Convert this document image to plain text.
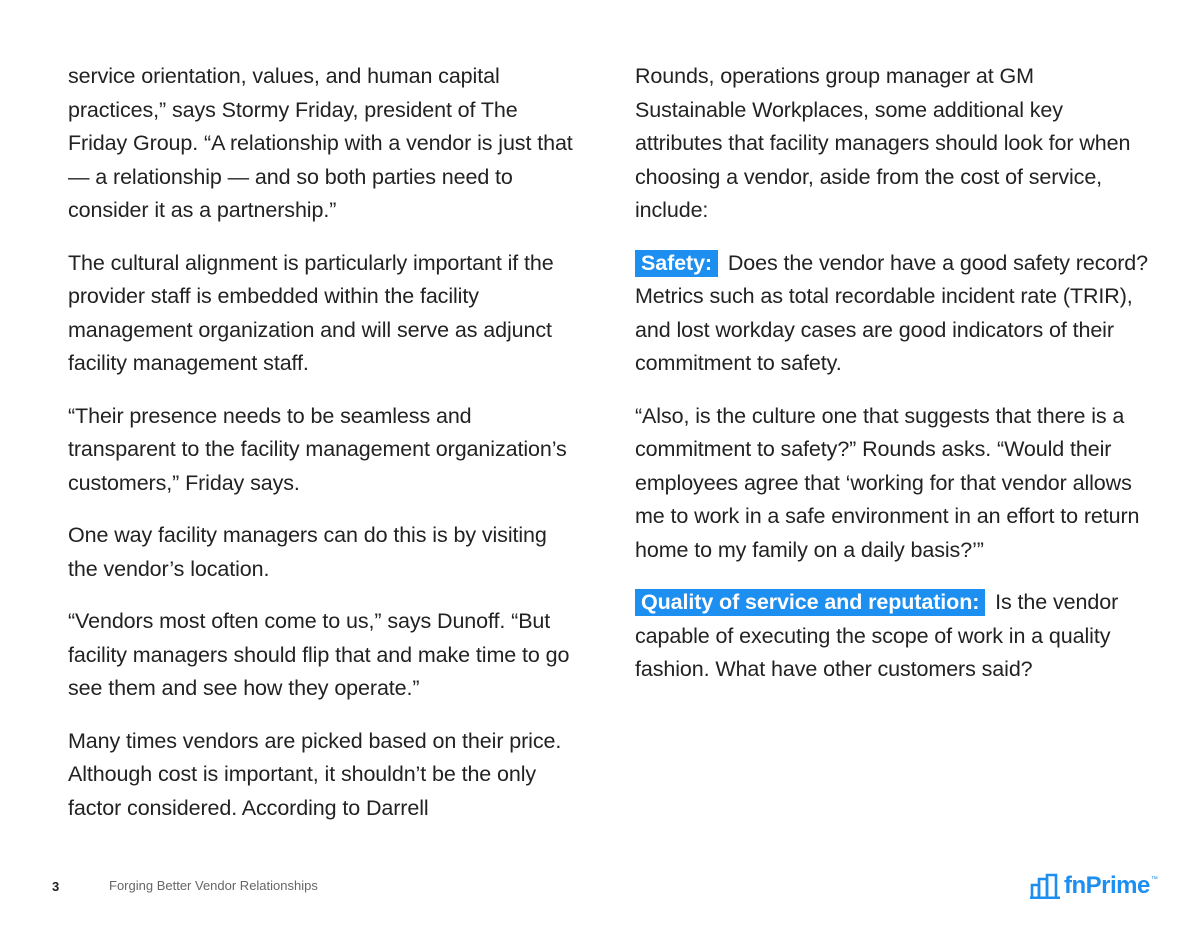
service orientation, values, and human capital practices,” says Stormy Friday, president of The Friday Group. “A relationship with a vendor is just that — a relationship — and so both parties need to consider it as a partnership.”

The cultural alignment is particularly important if the provider staff is embedded within the facility management organization and will serve as adjunct facility management staff.

“Their presence needs to be seamless and transparent to the facility management organization’s customers,” Friday says.

One way facility managers can do this is by visiting the vendor’s location.

“Vendors most often come to us,” says Dunoff. “But facility managers should flip that and make time to go see them and see how they operate.”

Many times vendors are picked based on their price. Although cost is important, it shouldn’t be the only factor considered. According to Darrell

Rounds, operations group manager at GM Sustainable Workplaces, some additional key attributes that facility managers should look for when choosing a vendor, aside from the cost of service, include:

Safety: Does the vendor have a good safety record? Metrics such as total recordable incident rate (TRIR), and lost workday cases are good indicators of their commitment to safety.

“Also, is the culture one that suggests that there is a commitment to safety?” Rounds asks. “Would their employees agree that ‘working for that vendor allows me to work in a safe environment in an effort to return home to my family on a daily basis?’”

Quality of service and reputation: Is the vendor capable of executing the scope of work in a quality fashion. What have other customers said?

3	Forging Better Vendor Relationships	fnPrime ™
